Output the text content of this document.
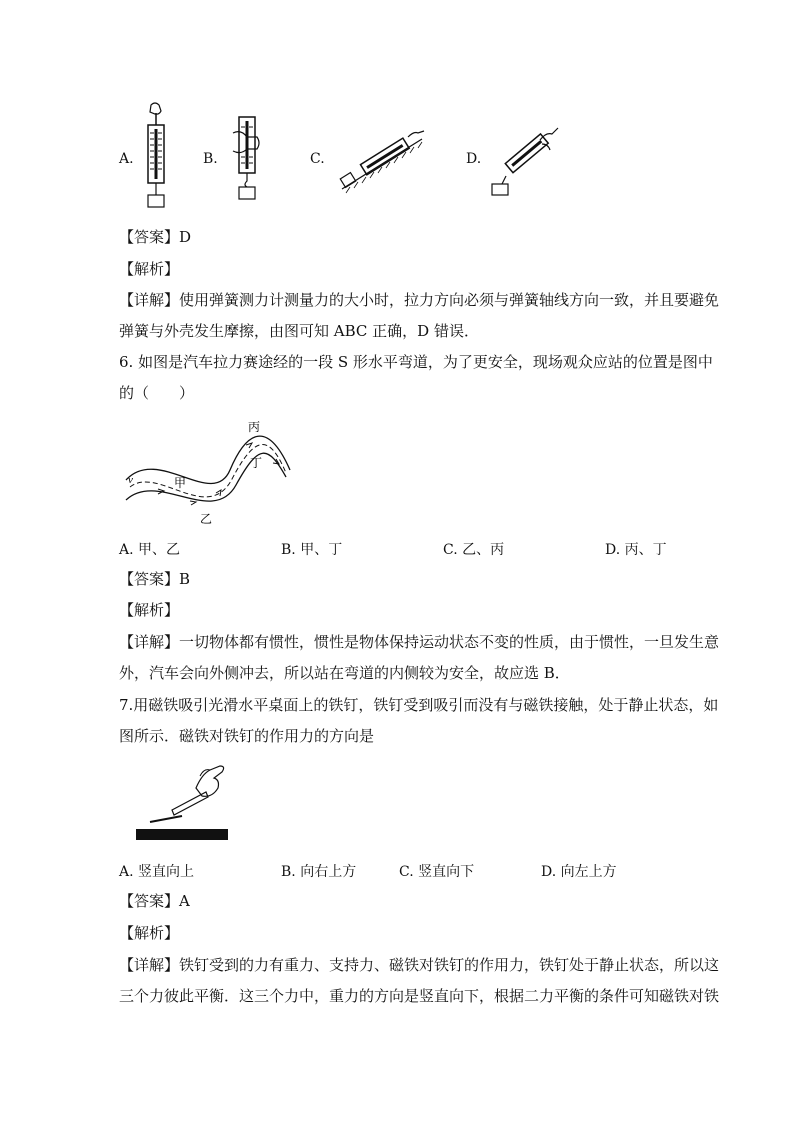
A.	B.	C.	D.
【答案】D
【解析】
【详解】使用弹簧测力计测量力的大小时，拉力方向必须与弹簧轴线方向一致，并且要避免
弹簧与外壳发生摩擦，由图可知 ABC 正确，D 错误．
6. 如图是汽车拉力赛途经的一段 S 形水平弯道，为了更安全，现场观众应站的位置是图中
的（　　）
v	甲
乙
丙
丁
A. 甲、乙	B. 甲、丁	C. 乙、丙	D. 丙、丁
【答案】B
【解析】
【详解】一切物体都有惯性，惯性是物体保持运动状态不变的性质，由于惯性，一旦发生意
外，汽车会向外侧冲去，所以站在弯道的内侧较为安全，故应选 B．
7.用磁铁吸引光滑水平桌面上的铁钉，铁钉受到吸引而没有与磁铁接触，处于静止状态，如
图所示．磁铁对铁钉的作用力的方向是
A. 竖直向上	B. 向右上方	C. 竖直向下	D. 向左上方
【答案】A
【解析】
【详解】铁钉受到的力有重力、支持力、磁铁对铁钉的作用力，铁钉处于静止状态，所以这
三个力彼此平衡．这三个力中，重力的方向是竖直向下，根据二力平衡的条件可知磁铁对铁
